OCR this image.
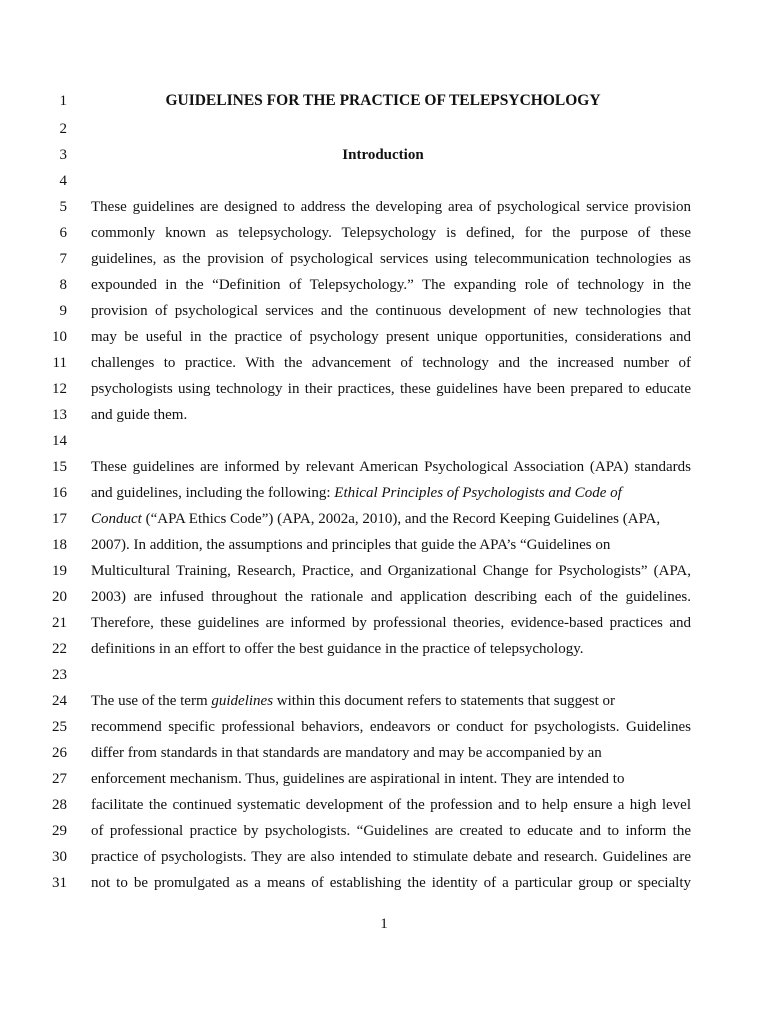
1	GUIDELINES FOR THE PRACTICE OF TELEPSYCHOLOGY
2
3	Introduction
4
5 These guidelines are designed to address the developing area of psychological service provision
6 commonly known as telepsychology. Telepsychology is defined, for the purpose of these
7 guidelines, as the provision of psychological services using telecommunication technologies as
8 expounded in the “Definition of Telepsychology.” The expanding role of technology in the
9 provision of psychological services and the continuous development of new technologies that
10 may be useful in the practice of psychology present unique opportunities, considerations and
11 challenges to practice. With the advancement of technology and the increased number of
12 psychologists using technology in their practices, these guidelines have been prepared to educate
13 and guide them.
14
15 These guidelines are informed by relevant American Psychological Association (APA) standards
16 and guidelines, including the following: Ethical Principles of Psychologists and Code of
17 Conduct (“APA Ethics Code”) (APA, 2002a, 2010), and the Record Keeping Guidelines (APA,
18 2007). In addition, the assumptions and principles that guide the APA’s “Guidelines on
19 Multicultural Training, Research, Practice, and Organizational Change for Psychologists” (APA,
20 2003) are infused throughout the rationale and application describing each of the guidelines.
21 Therefore, these guidelines are informed by professional theories, evidence-based practices and
22 definitions in an effort to offer the best guidance in the practice of telepsychology.
23
24 The use of the term guidelines within this document refers to statements that suggest or
25 recommend specific professional behaviors, endeavors or conduct for psychologists. Guidelines
26 differ from standards in that standards are mandatory and may be accompanied by an
27 enforcement mechanism. Thus, guidelines are aspirational in intent. They are intended to
28 facilitate the continued systematic development of the profession and to help ensure a high level
29 of professional practice by psychologists. “Guidelines are created to educate and to inform the
30 practice of psychologists. They are also intended to stimulate debate and research. Guidelines are
31 not to be promulgated as a means of establishing the identity of a particular group or specialty
1
